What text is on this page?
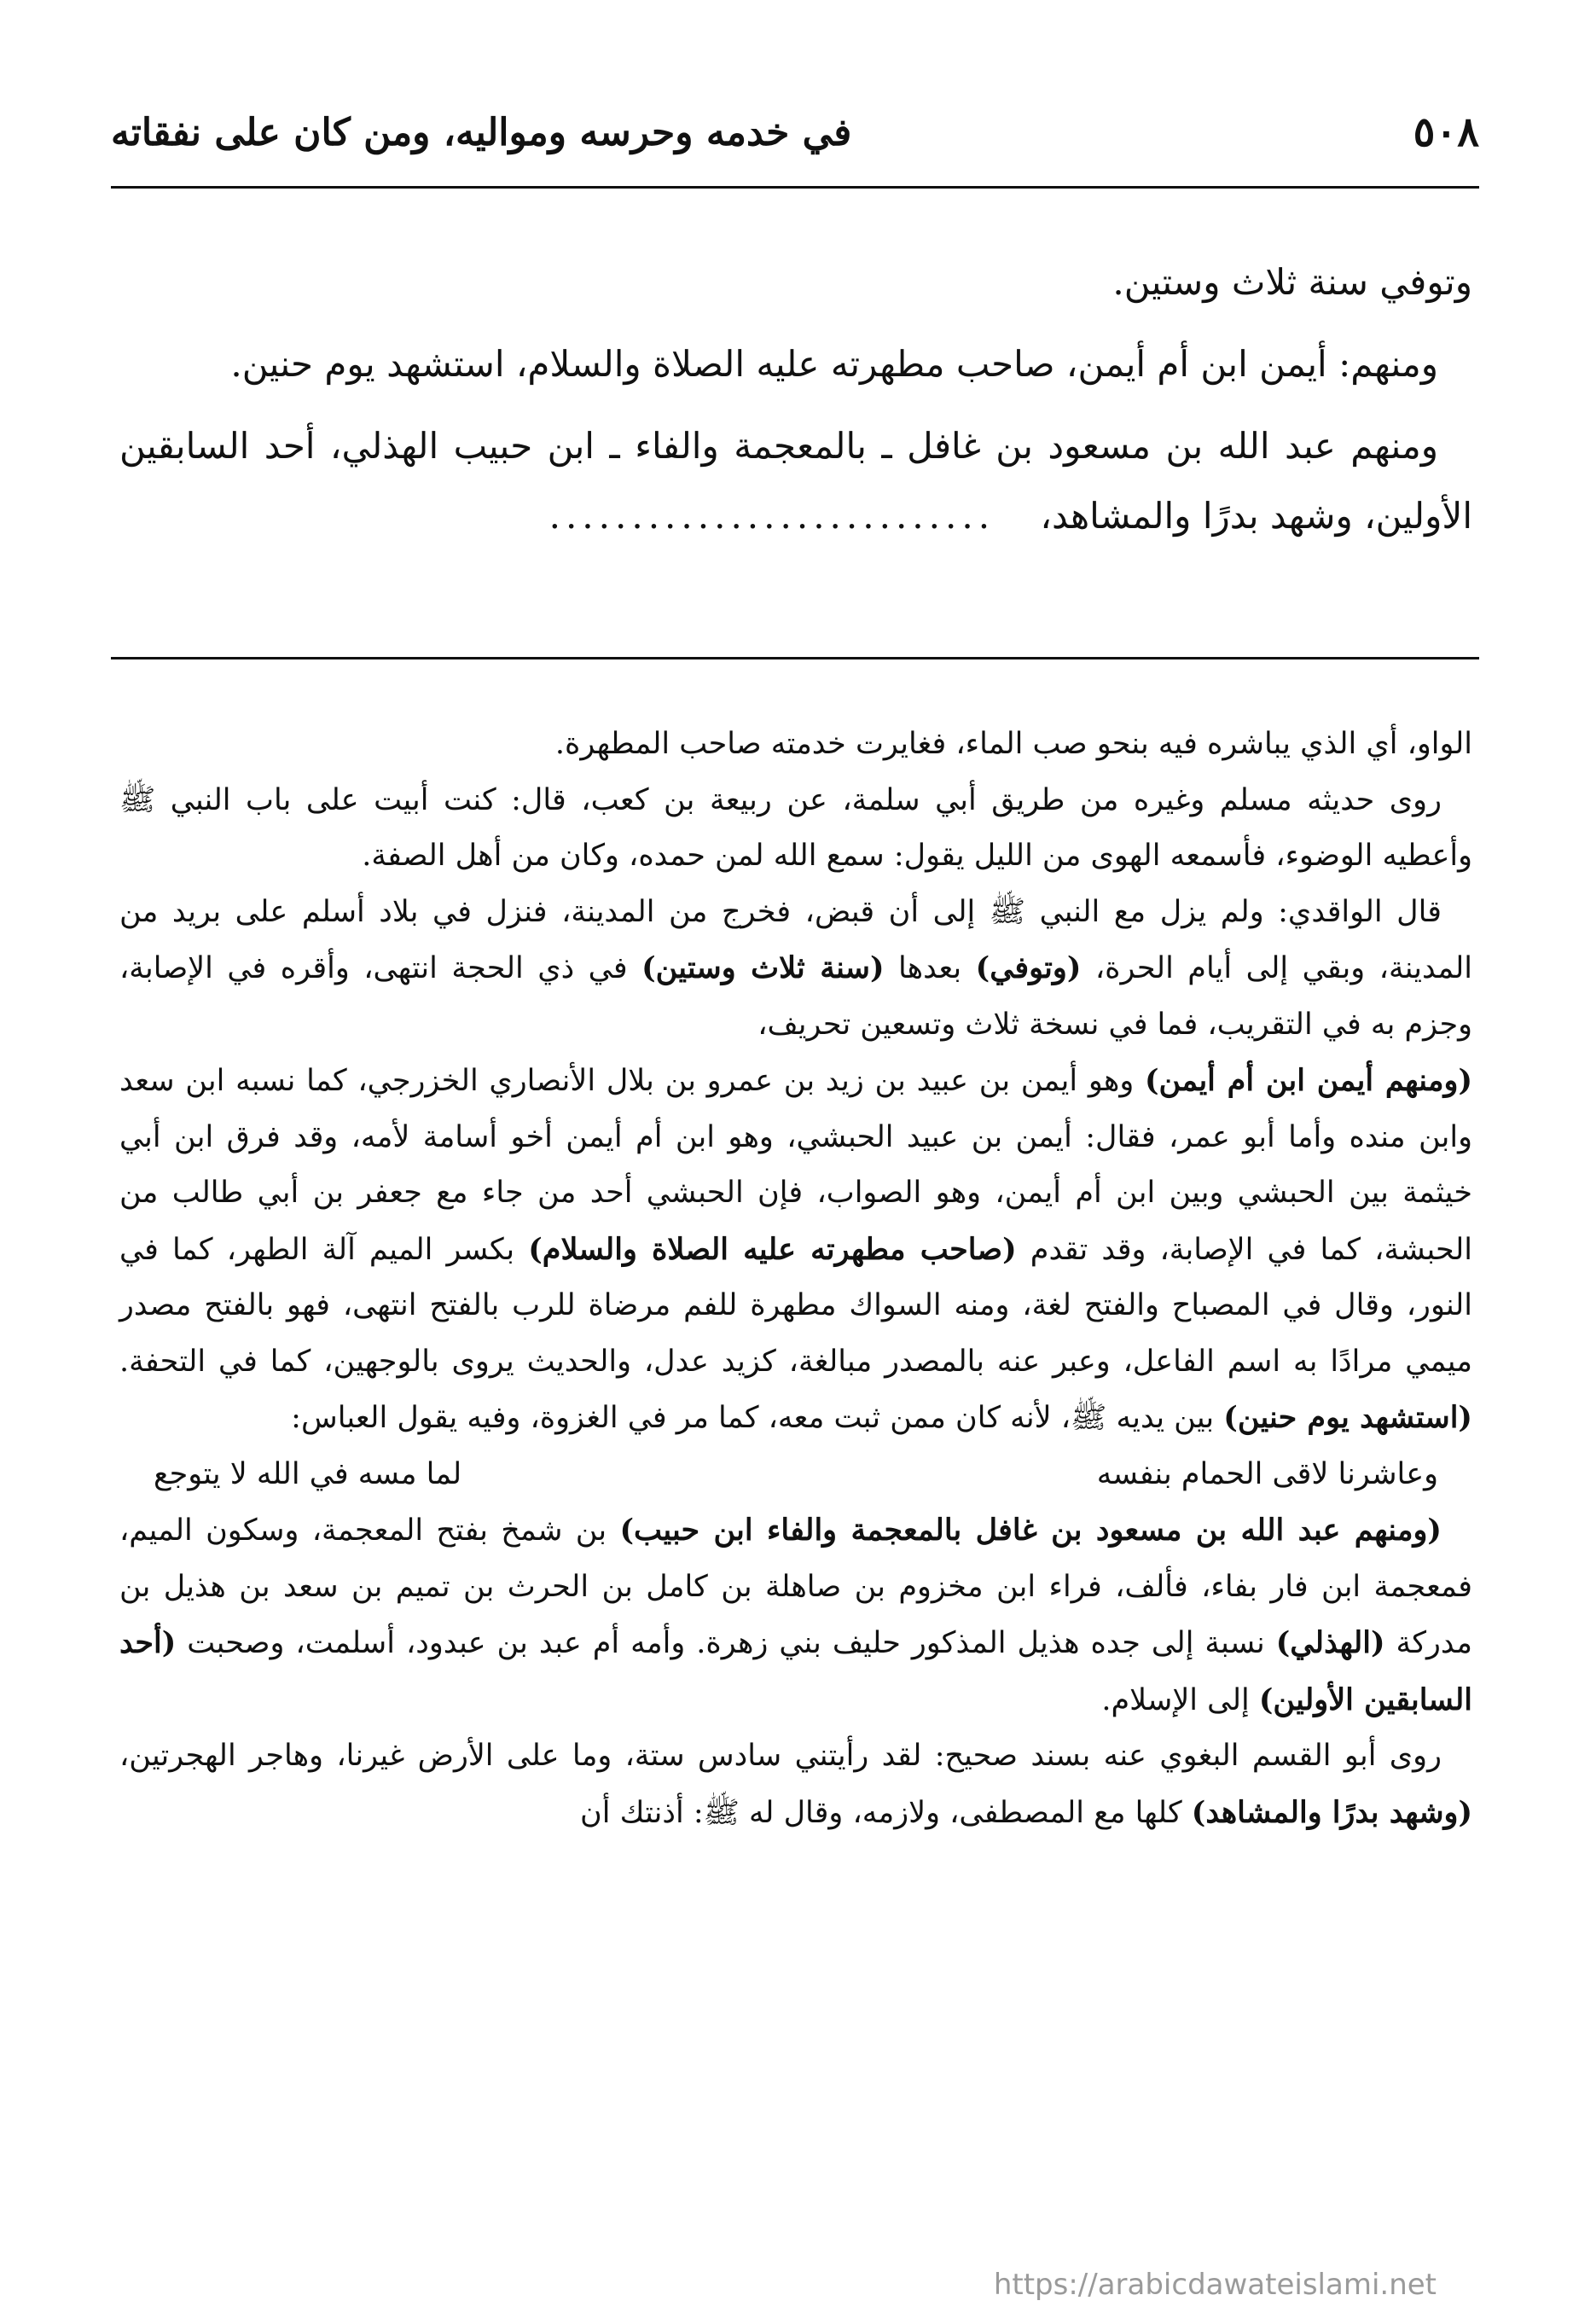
٥٠٨
في خدمه وحرسه ومواليه، ومن كان على نفقاته

وتوفي سنة ثلاث وستين.

ومنهم: أيمن ابن أم أيمن، صاحب مطهرته عليه الصلاة والسلام، استشهد يوم حنين.

ومنهم عبد الله بن مسعود بن غافل ـ بالمعجمة والفاء ـ ابن حبيب الهذلي، أحد السابقين الأولين، وشهد بدرًا والمشاهد، ...........................

الواو، أي الذي يباشره فيه بنحو صب الماء، فغايرت خدمته صاحب المطهرة.

روى حديثه مسلم وغيره من طريق أبي سلمة، عن ربيعة بن كعب، قال: كنت أبيت على باب النبي ﷺ وأعطيه الوضوء، فأسمعه الهوى من الليل يقول: سمع الله لمن حمده، وكان من أهل الصفة.

قال الواقدي: ولم يزل مع النبي ﷺ إلى أن قبض، فخرج من المدينة، فنزل في بلاد أسلم على بريد من المدينة، وبقي إلى أيام الحرة، (وتوفي) بعدها (سنة ثلاث وستين) في ذي الحجة انتهى، وأقره في الإصابة، وجزم به في التقريب، فما في نسخة ثلاث وتسعين تحريف،

(ومنهم أيمن ابن أم أيمن) وهو أيمن بن عبيد بن زيد بن عمرو بن بلال الأنصاري الخزرجي، كما نسبه ابن سعد وابن منده وأما أبو عمر، فقال: أيمن بن عبيد الحبشي، وهو ابن أم أيمن أخو أسامة لأمه، وقد فرق ابن أبي خيثمة بين الحبشي وبين ابن أم أيمن، وهو الصواب، فإن الحبشي أحد من جاء مع جعفر بن أبي طالب من الحبشة، كما في الإصابة، وقد تقدم (صاحب مطهرته عليه الصلاة والسلام) بكسر الميم آلة الطهر، كما في النور، وقال في المصباح والفتح لغة، ومنه السواك مطهرة للفم مرضاة للرب بالفتح انتهى، فهو بالفتح مصدر ميمي مرادًا به اسم الفاعل، وعبر عنه بالمصدر مبالغة، كزيد عدل، والحديث يروى بالوجهين، كما في التحفة. (استشهد يوم حنين) بين يديه ﷺ، لأنه كان ممن ثبت معه، كما مر في الغزوة، وفيه يقول العباس:

وعاشرنا لاقى الحمام بنفسه
لما مسه في الله لا يتوجع

(ومنهم عبد الله بن مسعود بن غافل بالمعجمة والفاء ابن حبيب) بن شمخ بفتح المعجمة، وسكون الميم، فمعجمة ابن فار بفاء، فألف، فراء ابن مخزوم بن صاهلة بن كامل بن الحرث بن تميم بن سعد بن هذيل بن مدركة (الهذلي) نسبة إلى جده هذيل المذكور حليف بني زهرة. وأمه أم عبد بن عبدود، أسلمت، وصحبت (أحد السابقين الأولين) إلى الإسلام.

روى أبو القسم البغوي عنه بسند صحيح: لقد رأيتني سادس ستة، وما على الأرض غيرنا، وهاجر الهجرتين، (وشهد بدرًا والمشاهد) كلها مع المصطفى، ولازمه، وقال له ﷺ: أذنتك أن

https://arabicdawateislami.net
